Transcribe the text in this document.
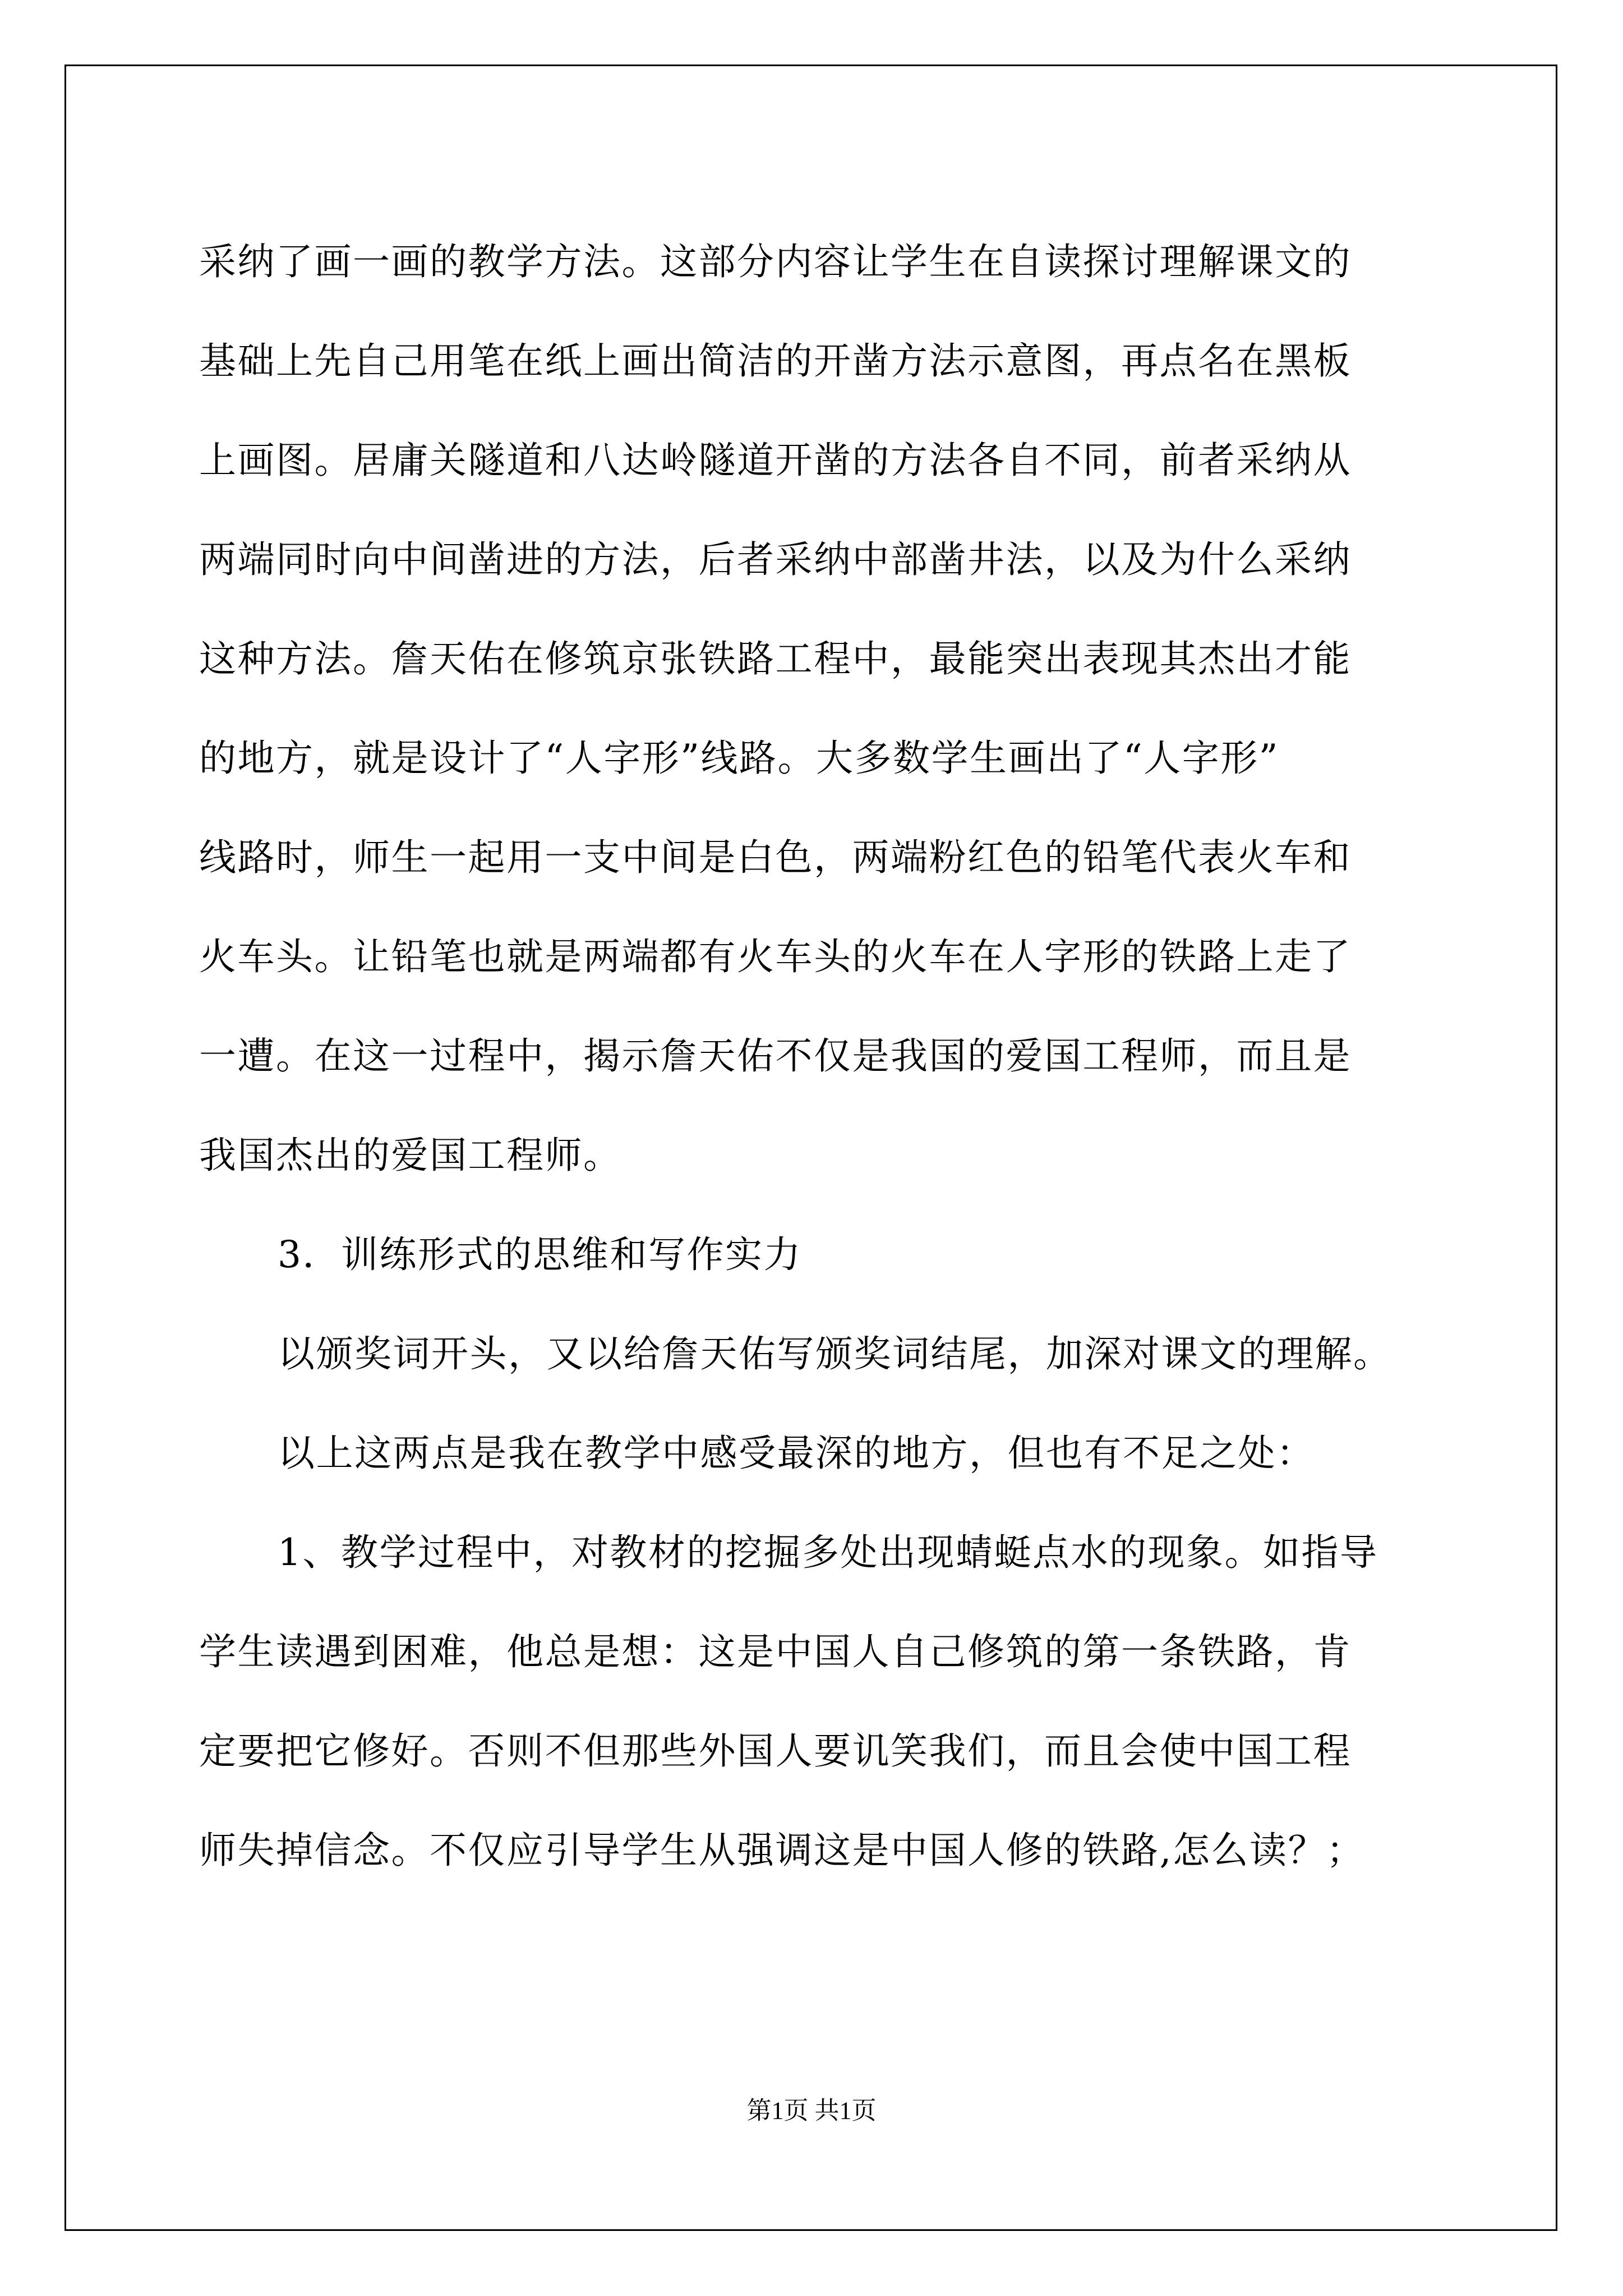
采纳了画一画的教学方法。这部分内容让学生在自读探讨理解课文的
基础上先自己用笔在纸上画出简洁的开凿方法示意图，再点名在黑板
上画图。居庸关隧道和八达岭隧道开凿的方法各自不同，前者采纳从
两端同时向中间凿进的方法，后者采纳中部凿井法，以及为什么采纳
这种方法。詹天佑在修筑京张铁路工程中，最能突出表现其杰出才能
的地方，就是设计了“人字形”线路。大多数学生画出了“人字形”
线路时，师生一起用一支中间是白色，两端粉红色的铅笔代表火车和
火车头。让铅笔也就是两端都有火车头的火车在人字形的铁路上走了
一遭。在这一过程中，揭示詹天佑不仅是我国的爱国工程师，而且是
我国杰出的爱国工程师。
3．训练形式的思维和写作实力
以颁奖词开头，又以给詹天佑写颁奖词结尾，加深对课文的理解。
以上这两点是我在教学中感受最深的地方，但也有不足之处：
1、教学过程中，对教材的挖掘多处出现蜻蜓点水的现象。如指导
学生读遇到困难，他总是想：这是中国人自己修筑的第一条铁路，肯
定要把它修好。否则不但那些外国人要讥笑我们，而且会使中国工程
师失掉信念。不仅应引导学生从强调这是中国人修的铁路,怎么读？；
第1页 共1页
